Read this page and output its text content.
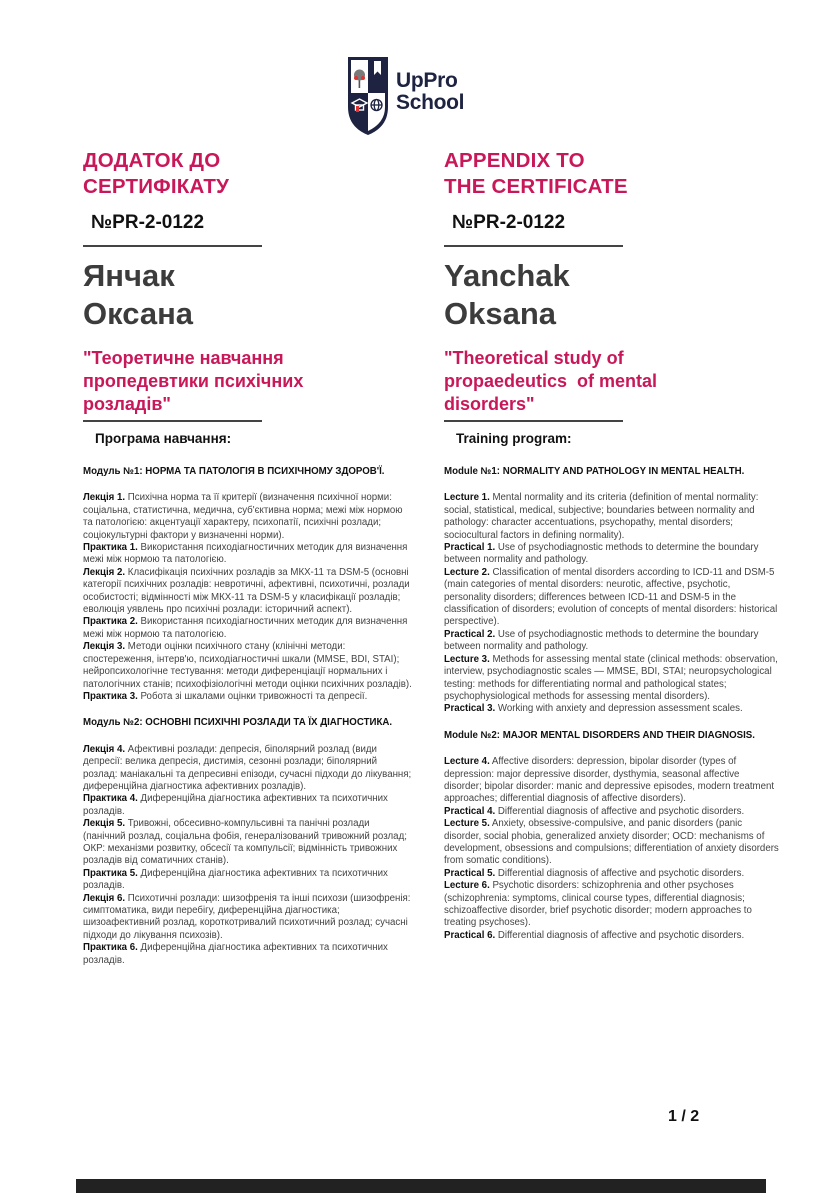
UpPro
School
ДОДАТОК ДО
СЕРТИФІКАТУ
№PR-2-0122
Янчак
Оксана
"Теоретичне навчання
пропедевтики психічних
розладів"
Програма навчання:
Модуль №1: НОРМА ТА ПАТОЛОГІЯ В ПСИХІЧНОМУ ЗДОРОВ'Ї.

Лекція 1. Психічна норма та її критерії (визначення психічної норми: соціальна, статистична, медична, суб'єктивна норма; межі між нормою та патологією: акцентуації характеру, психопатії, психічні розлади; соціокультурні фактори у визначенні норми).

Практика 1. Використання психодіагностичних методик для визначення межі між нормою та патологією.

Лекція 2. Класифікація психічних розладів за МКХ-11 та DSM-5 (основні категорії психічних розладів: невротичні, афективні, психотичні, розлади особистості; відмінності між МКХ-11 та DSM-5 у класифікації розладів; еволюція уявлень про психічні розлади: історичний аспект).

Практика 2. Використання психодіагностичних методик для визначення межі між нормою та патологією.

Лекція 3. Методи оцінки психічного стану (клінічні методи: спостереження, інтерв'ю, психодіагностичні шкали (MMSE, BDI, STAI); нейропсихологічне тестування: методи диференціації нормальних і патологічних станів; психофізіологічні методи оцінки психічних розладів).

Практика 3. Робота зі шкалами оцінки тривожності та депресії.

Модуль №2: ОСНОВНІ ПСИХІЧНІ РОЗЛАДИ ТА ЇХ ДІАГНОСТИКА.

Лекція 4. Афективні розлади: депресія, біполярний розлад (види депресії: велика депресія, дистимія, сезонні розлади; біполярний розлад: маніакальні та депресивні епізоди, сучасні підходи до лікування; диференційна діагностика афективних розладів).

Практика 4. Диференційна діагностика афективних та психотичних розладів.

Лекція 5. Тривожні, обсесивно-компульсивні та панічні розлади (панічний розлад, соціальна фобія, генералізований тривожний розлад; ОКР: механізми розвитку, обсесії та компульсії; відмінність тривожних розладів від соматичних станів).

Практика 5. Диференційна діагностика афективних та психотичних розладів.

Лекція 6. Психотичні розлади: шизофренія та інші психози (шизофренія: симптоматика, види перебігу, диференційна діагностика; шизоафективний розлад, короткотривалий психотичний розлад; сучасні підходи до лікування психозів).

Практика 6. Диференційна діагностика афективних та психотичних розладів.

APPENDIX TO
THE CERTIFICATE
№PR-2-0122
Yanchak
Oksana
"Theoretical study of
propaedeutics  of mental
disorders"
Training program:
Module №1: NORMALITY AND PATHOLOGY IN MENTAL HEALTH.

Lecture 1. Mental normality and its criteria (definition of mental normality: social, statistical, medical, subjective; boundaries between normality and pathology: character accentuations, psychopathy, mental disorders; sociocultural factors in defining normality).

Practical 1. Use of psychodiagnostic methods to determine the boundary between normality and pathology.

Lecture 2. Classification of mental disorders according to ICD-11 and DSM-5 (main categories of mental disorders: neurotic, affective, psychotic, personality disorders; differences between ICD-11 and DSM-5 in the classification of disorders; evolution of concepts of mental disorders: historical perspective).

Practical 2. Use of psychodiagnostic methods to determine the boundary between normality and pathology.

Lecture 3. Methods for assessing mental state (clinical methods: observation, interview, psychodiagnostic scales — MMSE, BDI, STAI; neuropsychological testing: methods for differentiating normal and pathological states; psychophysiological methods for assessing mental disorders).

Practical 3. Working with anxiety and depression assessment scales.

Module №2: MAJOR MENTAL DISORDERS AND THEIR DIAGNOSIS.

Lecture 4. Affective disorders: depression, bipolar disorder (types of depression: major depressive disorder, dysthymia, seasonal affective disorder; bipolar disorder: manic and depressive episodes, modern treatment approaches; differential diagnosis of affective disorders).

Practical 4. Differential diagnosis of affective and psychotic disorders.

Lecture 5. Anxiety, obsessive-compulsive, and panic disorders (panic disorder, social phobia, generalized anxiety disorder; OCD: mechanisms of development, obsessions and compulsions; differentiation of anxiety disorders from somatic conditions).

Practical 5. Differential diagnosis of affective and psychotic disorders.

Lecture 6. Psychotic disorders: schizophrenia and other psychoses (schizophrenia: symptoms, clinical course types, differential diagnosis; schizoaffective disorder, brief psychotic disorder; modern approaches to treating psychoses).

Practical 6. Differential diagnosis of affective and psychotic disorders.

1 / 2
